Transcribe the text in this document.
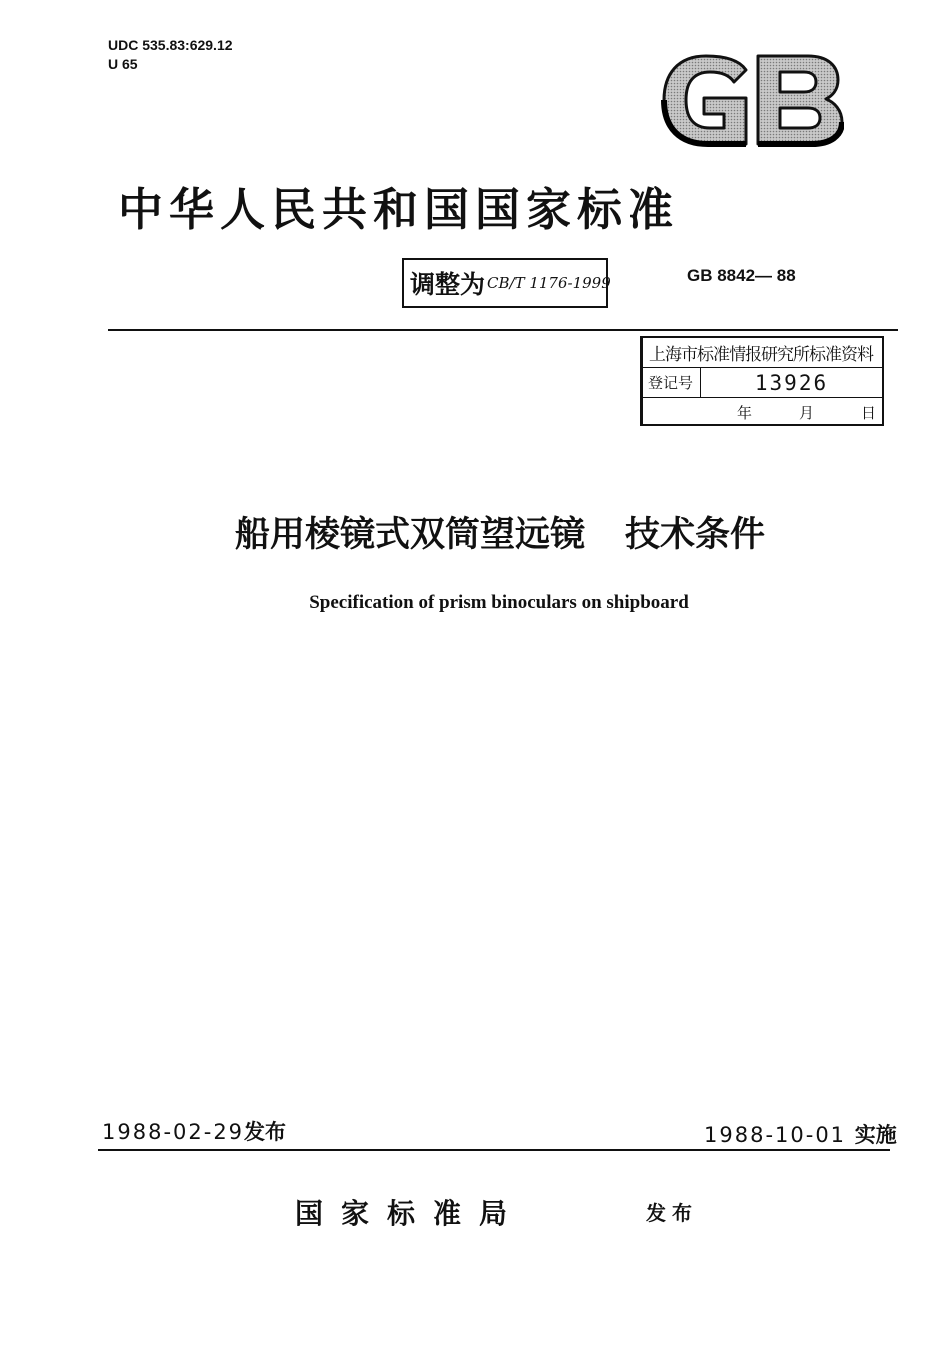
UDC 535.83:629.12
U 65
中华人民共和国国家标准
调整为 CB/T 1176-1999	GB 8842— 88
上海市标准情报研究所标准资料
登记号	13926
年	月	日
船用棱镜式双筒望远镜 技术条件
Specification of prism binoculars on shipboard
1988-02-29发布	1988-10-01 实施
国家标准局	发布
